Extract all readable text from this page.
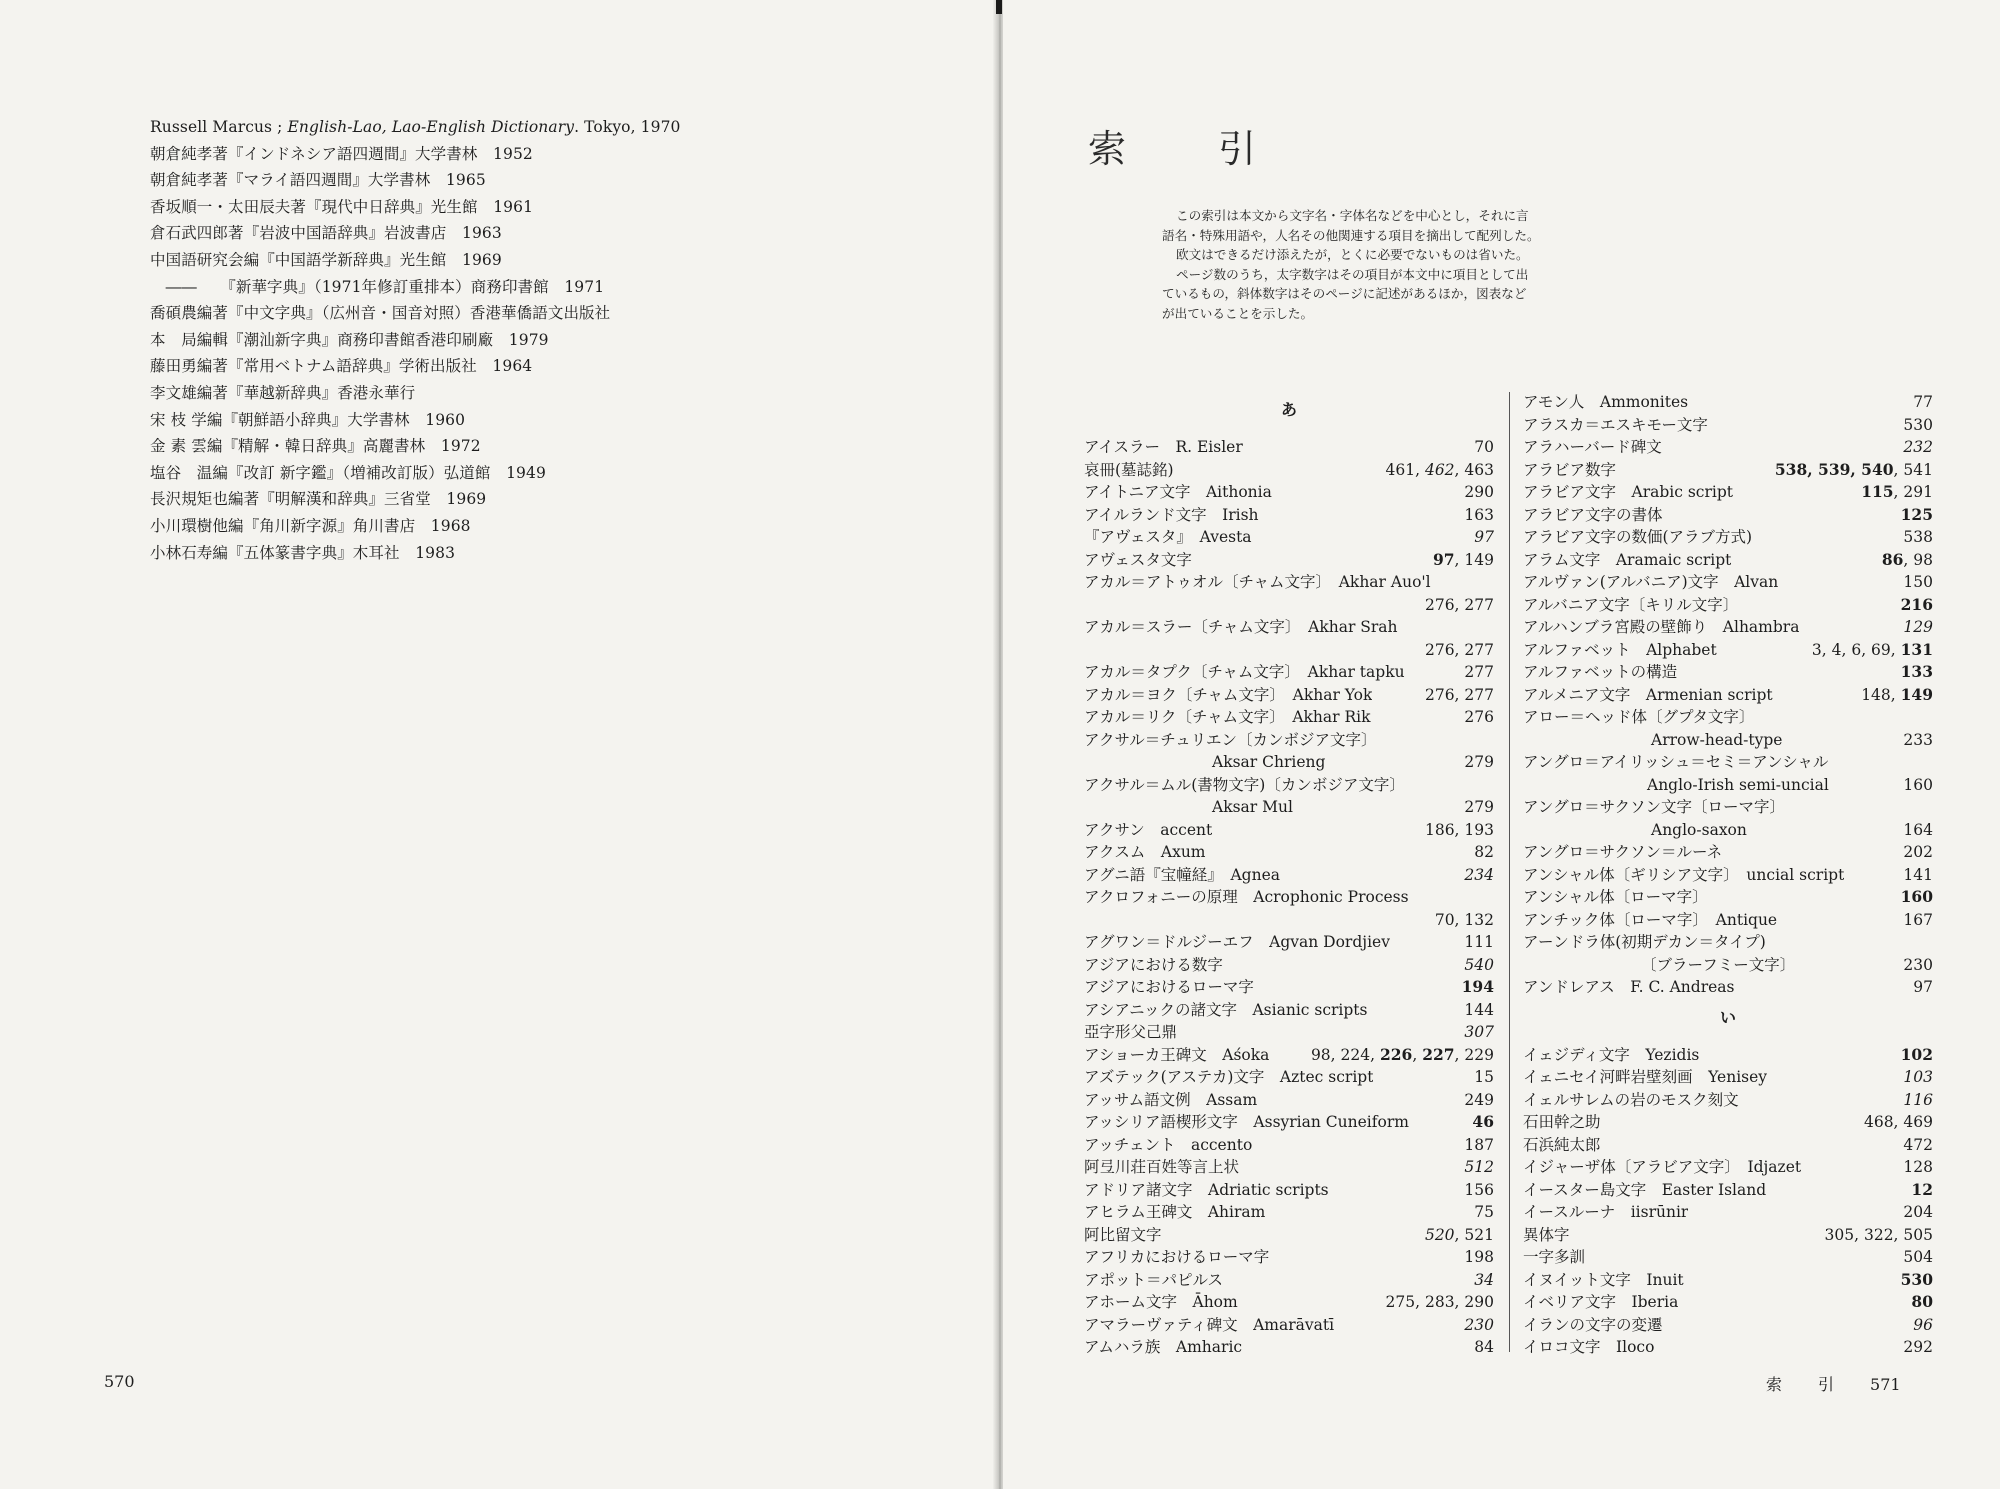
Russell Marcus ; English-Lao, Lao-English Dictionary. Tokyo, 1970
朝倉純孝著『インドネシア語四週間』大学書林　1952
朝倉純孝著『マライ語四週間』大学書林　1965
香坂順一・太田辰夫著『現代中日辞典』光生館　1961
倉石武四郎著『岩波中国語辞典』岩波書店　1963
中国語研究会編『中国語学新辞典』光生館　1969
　――　　『新華字典』（1971年修訂重排本）商務印書館　1971
喬碩農編著『中文字典』（広州音・国音対照）香港華僑語文出版社
本　局編輯『潮汕新字典』商務印書館香港印刷廠　1979
藤田勇編著『常用ベトナム語辞典』学術出版社　1964
李文雄編著『華越新辞典』香港永華行
宋 枝 学編『朝鮮語小辞典』大学書林　1960
金 素 雲編『精解・韓日辞典』高麗書林　1972
塩谷　温編『改訂 新字鑑』（増補改訂版）弘道館　1949
長沢規矩也編著『明解漢和辞典』三省堂　1969
小川環樹他編『角川新字源』角川書店　1968
小林石寿編『五体篆書字典』木耳社　1983
570
索引
この索引は本文から文字名・字体名などを中心とし，それに言
語名・特殊用語や，人名その他関連する項目を摘出して配列した。
欧文はできるだけ添えたが，とくに必要でないものは省いた。
ページ数のうち，太字数字はその項目が本文中に項目として出
ているもの，斜体数字はそのページに記述があるほか，図表など
が出ていることを示した。
あ
アイスラー　R. Eisler	70
哀冊(墓誌銘)	461, 462, 463
アイトニア文字　Aithonia	290
アイルランド文字　Irish	163
『アヴェスタ』　Avesta	97
アヴェスタ文字	97, 149
アカル＝アトゥオル〔チャム文字〕　Akhar Auo'l
276, 277
アカル＝スラー〔チャム文字〕　Akhar Srah
276, 277
アカル＝タプク〔チャム文字〕　Akhar tapku	277
アカル＝ヨク〔チャム文字〕　Akhar Yok	276, 277
アカル＝リク〔チャム文字〕　Akhar Rik	276
アクサル＝チュリエン〔カンボジア文字〕
Aksar Chrieng	279
アクサル＝ムル(書物文字)〔カンボジア文字〕
Aksar Mul	279
アクサン　accent	186, 193
アクスム　Axum	82
アグニ語『宝幢経』　Agnea	234
アクロフォニーの原理　Acrophonic Process
70, 132
アグワン＝ドルジーエフ　Agvan Dordjiev	111
アジアにおける数字	540
アジアにおけるローマ字	194
アシアニックの諸文字　Asianic scripts	144
亞字形父己鼎	307
アショーカ王碑文　Aśoka	98, 224, 226, 227, 229
アズテック(アステカ)文字　Aztec script	15
アッサム語文例　Assam	249
アッシリア語楔形文字　Assyrian Cuneiform	46
アッチェント　accento	187
阿弖川荘百姓等言上状	512
アドリア諸文字　Adriatic scripts	156
アヒラム王碑文　Ahiram	75
阿比留文字	520, 521
アフリカにおけるローマ字	198
アポット＝パピルス	34
アホーム文字　Āhom	275, 283, 290
アマラーヴァティ碑文　Amarāvatī	230
アムハラ族　Amharic	84
アモン人　Ammonites	77
アラスカ＝エスキモー文字	530
アラハーバード碑文	232
アラビア数字	538, 539, 540, 541
アラビア文字　Arabic script	115, 291
アラビア文字の書体	125
アラビア文字の数価(アラブ方式)	538
アラム文字　Aramaic script	86, 98
アルヴァン(アルバニア)文字　Alvan	150
アルバニア文字〔キリル文字〕	216
アルハンブラ宮殿の壁飾り　Alhambra	129
アルファベット　Alphabet	3, 4, 6, 69, 131
アルファベットの構造	133
アルメニア文字　Armenian script	148, 149
アロー＝ヘッド体〔グプタ文字〕
Arrow-head-type	233
アングロ＝アイリッシュ＝セミ＝アンシャル
Anglo-Irish semi-uncial	160
アングロ＝サクソン文字〔ローマ字〕
Anglo-saxon	164
アングロ＝サクソン＝ルーネ	202
アンシャル体〔ギリシア文字〕　uncial script	141
アンシャル体〔ローマ字〕	160
アンチック体〔ローマ字〕　Antique	167
アーンドラ体(初期デカン＝タイプ)
〔ブラーフミー文字〕	230
アンドレアス　F. C. Andreas	97
い
イェジディ文字　Yezidis	102
イェニセイ河畔岩壁刻画　Yenisey	103
イェルサレムの岩のモスク刻文	116
石田幹之助	468, 469
石浜純太郎	472
イジャーザ体〔アラビア文字〕　Idjazet	128
イースター島文字　Easter Island	12
イースルーナ　iisrūnir	204
異体字	305, 322, 505
一字多訓	504
イヌイット文字　Inuit	530
イベリア文字　Iberia	80
イランの文字の変遷	96
イロコ文字　Iloco	292
索引571
